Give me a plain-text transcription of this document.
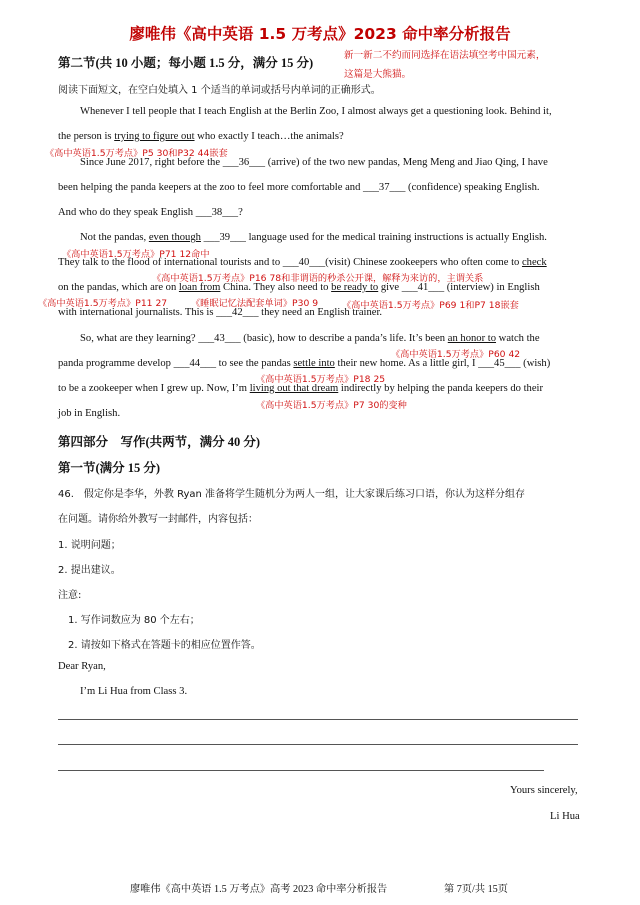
廖唯伟《高中英语 1.5 万考点》2023 命中率分析报告
第二节(共 10 小题；每小题 1.5 分，满分 15 分)
新一新二不约而同选择在语法填空考中国元素，
这篇是大熊猫。
阅读下面短文，在空白处填入 1 个适当的单词或括号内单词的正确形式。
Whenever I tell people that I teach English at the Berlin Zoo, I almost always get a questioning look. Behind it,
the person is trying to figure out who exactly I teach…the animals?
《高中英语1.5万考点》P5 30和P32 44嵌套
Since June 2017, right before the ___36___ (arrive) of the two new pandas, Meng Meng and Jiao Qing, I have
been helping the panda keepers at the zoo to feel more comfortable and ___37___ (confidence) speaking English.
And who do they speak English ___38___?
Not the pandas, even though ___39___ language used for the medical training instructions is actually English.
《高中英语1.5万考点》P71 12命中
They talk to the flood of international tourists and to ___40___(visit) Chinese zookeepers who often come to check
《高中英语1.5万考点》P16 78和非谓语的秒杀公开课，解释为来访的，主谓关系
on the pandas, which are on loan from China. They also need to be ready to give ___41___ (interview) in English
《高中英语1.5万考点》P11 27	《睡眠记忆法配套单词》P30 9	《高中英语1.5万考点》P69 1和P7 18嵌套
with international journalists. This is ___42___ they need an English trainer.
So, what are they learning? ___43___ (basic), how to describe a panda’s life. It’s been an honor to watch the
《高中英语1.5万考点》P60 42
panda programme develop ___44___ to see the pandas settle into their new home. As a little girl, I ___45___ (wish)
《高中英语1.5万考点》P18 25
to be a zookeeper when I grew up. Now, I’m living out that dream indirectly by helping the panda keepers do their
《高中英语1.5万考点》P7 30的变种
job in English.
第四部分　写作(共两节，满分 40 分)
第一节(满分 15 分)
46.　假定你是李华，外教 Ryan 准备将学生随机分为两人一组，让大家课后练习口语，你认为这样分组存
在问题。请你给外教写一封邮件，内容包括：
1. 说明问题；
2. 提出建议。
注意:
1. 写作词数应为 80 个左右；
2. 请按如下格式在答题卡的相应位置作答。
Dear Ryan,
I’m Li Hua from Class 3.
Yours sincerely,
Li Hua
廖唯伟《高中英语 1.5 万考点》高考 2023 命中率分析报告	第 7页/共 15页
